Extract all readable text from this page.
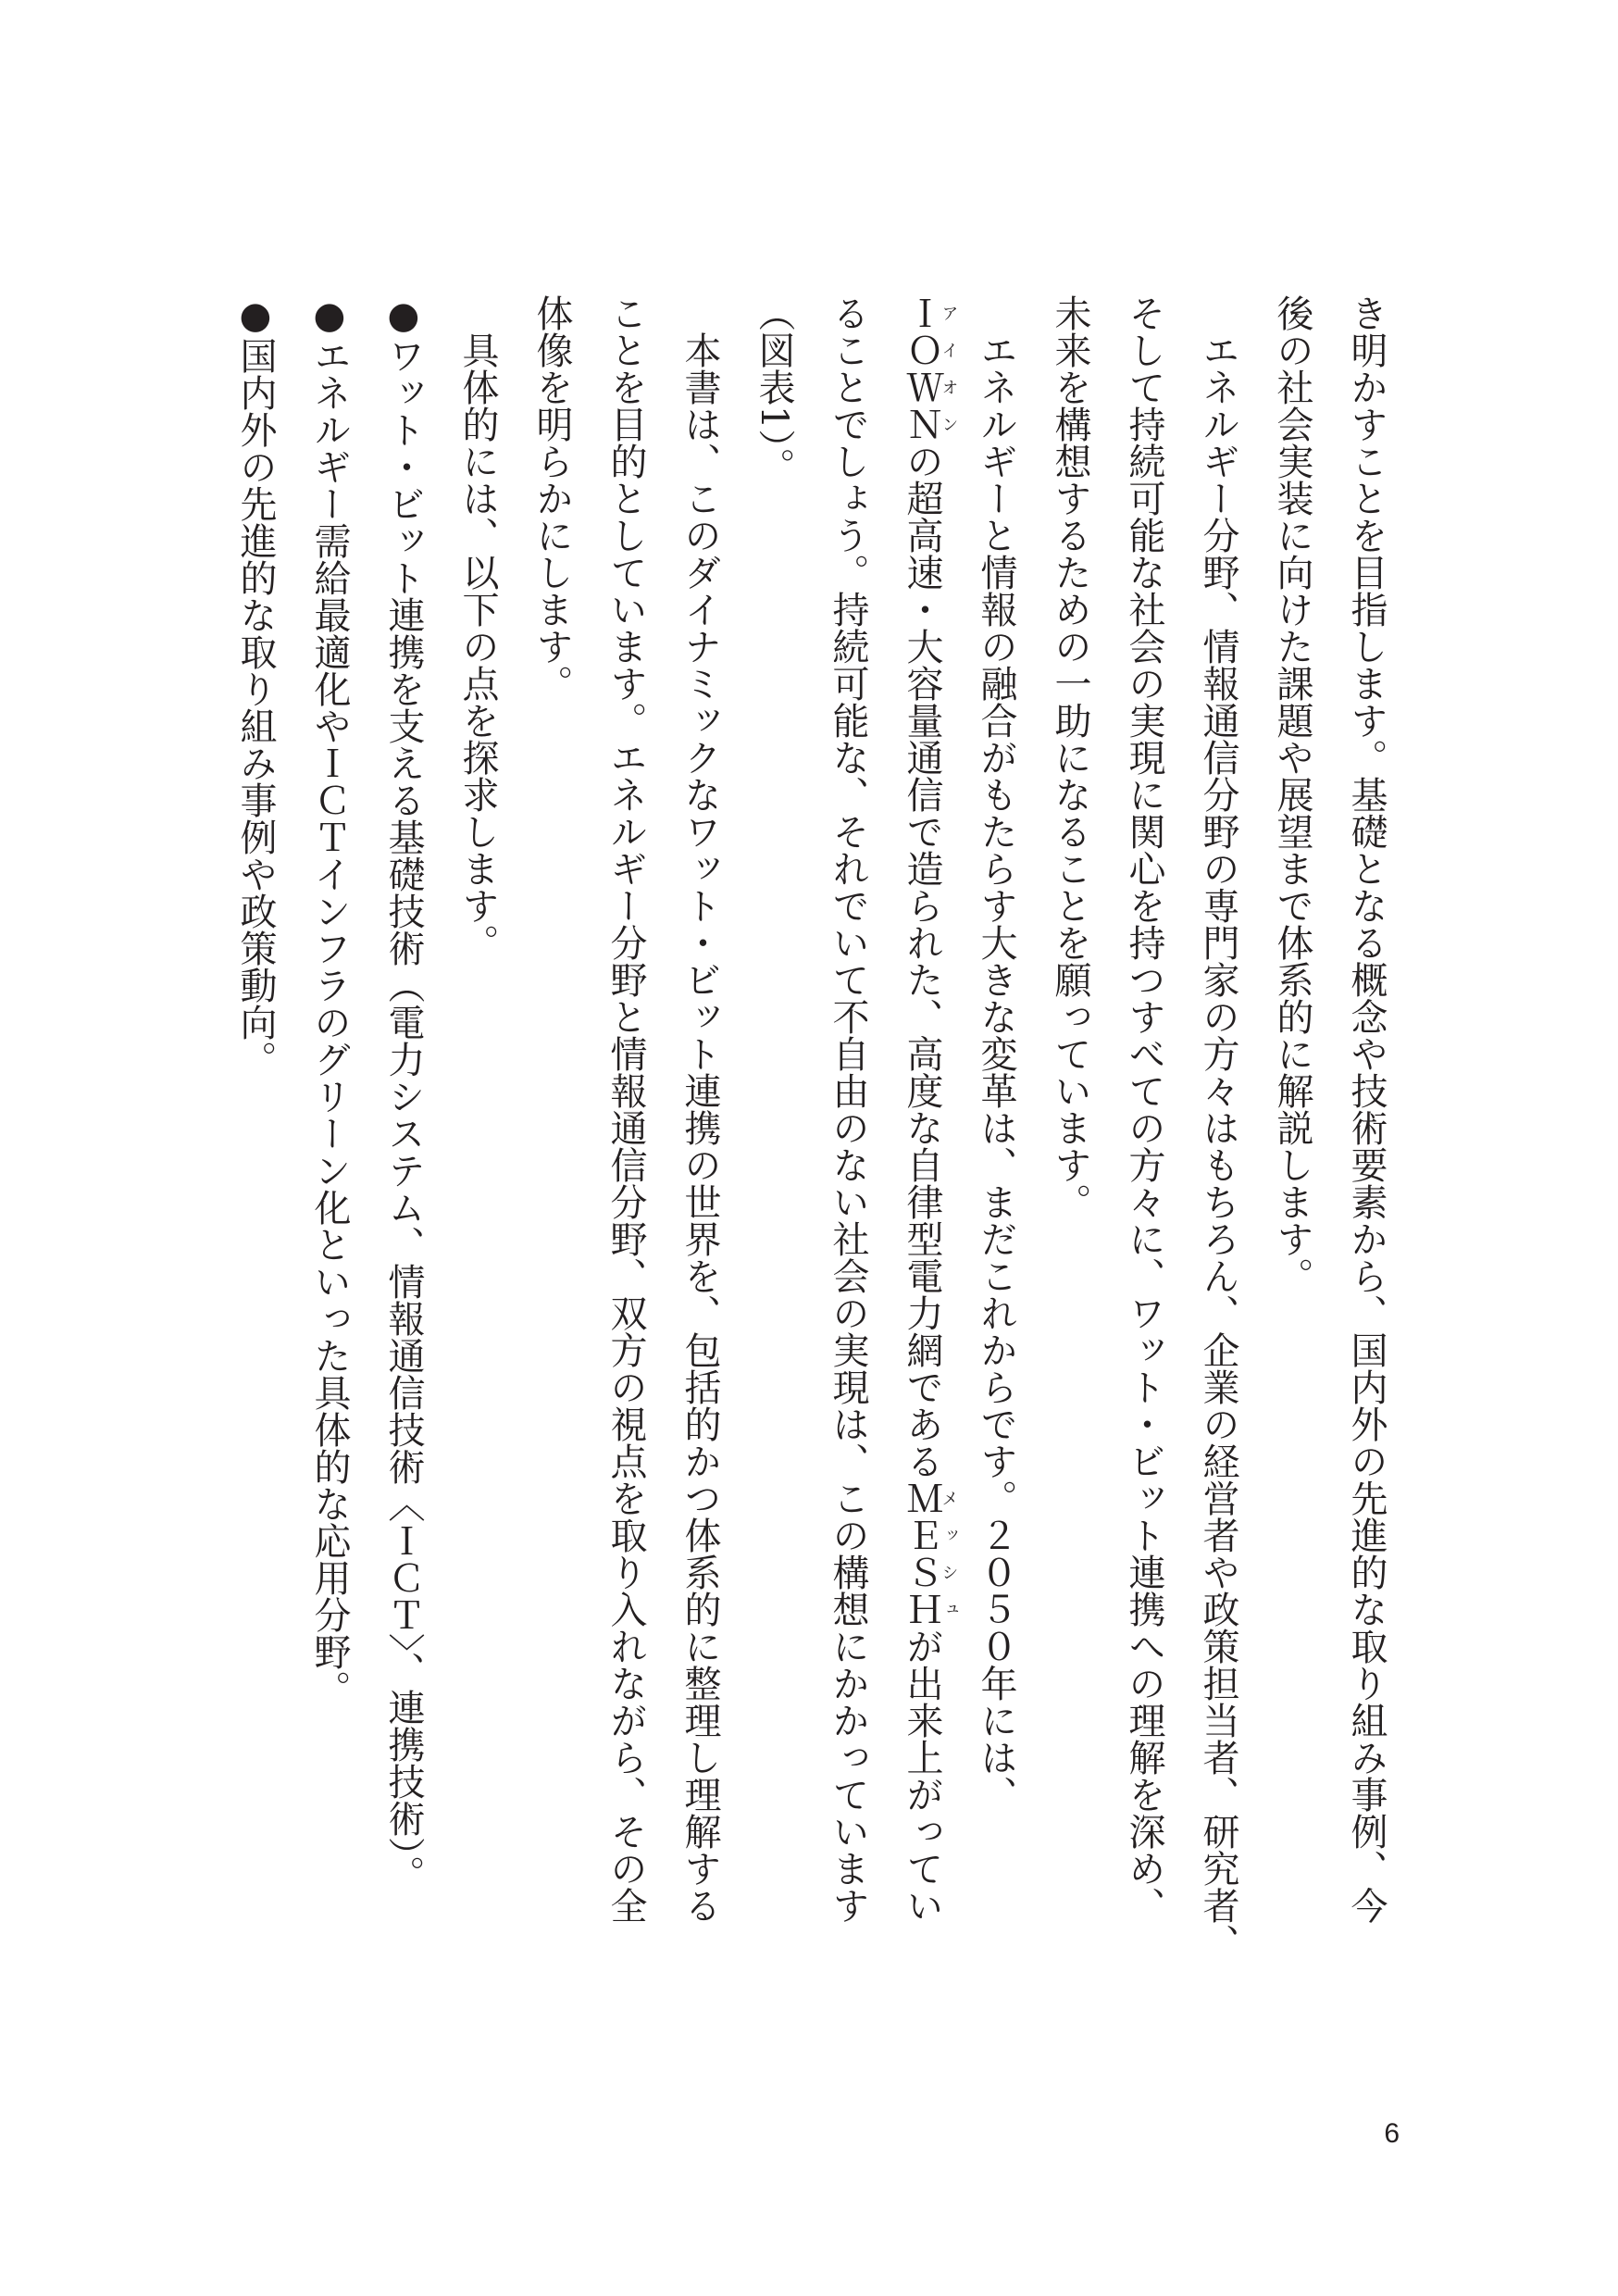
き明かすことを目指します。基礎となる概念や技術要素から、国内外の先進的な取り組み事例、今

後の社会実装に向けた課題や展望まで体系的に解説します。

エネルギー分野、情報通信分野の専門家の方々はもちろん、企業の経営者や政策担当者、研究者、

そして持続可能な社会の実現に関心を持つすべての方々に、ワット・ビット連携への理解を深め、

未来を構想するための一助になることを願っています。

エネルギーと情報の融合がもたらす大きな変革は、まだこれからです。２０５０年には、

ＩＯＷＮアイオンの超高速・大容量通信で造られた、高度な自律型電力網であるＭＥＳＨメッシュが出来上がってい

ることでしょう。持続可能な、それでいて不自由のない社会の実現は、この構想にかかっています

（図表1）。

本書は、このダイナミックなワット・ビット連携の世界を、包括的かつ体系的に整理し理解する

ことを目的としています。エネルギー分野と情報通信分野、双方の視点を取り入れながら、その全

体像を明らかにします。

具体的には、以下の点を探求します。

●ワット・ビット連携を支える基礎技術（電力システム、情報通信技術〈ＩＣＴ〉、連携技術）。

●エネルギー需給最適化やＩＣＴインフラのグリーン化といった具体的な応用分野。

●国内外の先進的な取り組み事例や政策動向。

6
